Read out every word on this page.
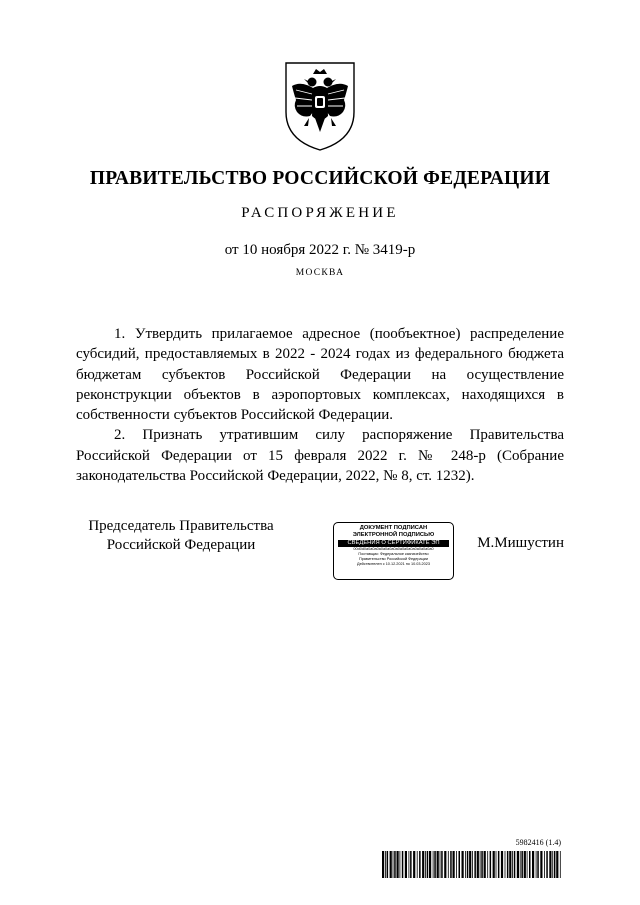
ПРАВИТЕЛЬСТВО РОССИЙСКОЙ ФЕДЕРАЦИИ
РАСПОРЯЖЕНИЕ
от 10 ноября 2022 г. № 3419-р
МОСКВА

1. Утвердить прилагаемое адресное (пообъектное) распределение субсидий, предоставляемых в 2022 - 2024 годах из федерального бюджета бюджетам субъектов Российской Федерации на осуществление реконструкции объектов в аэропортовых комплексах, находящихся в собственности субъектов Российской Федерации.

2. Признать утратившим силу распоряжение Правительства Российской Федерации от 15 февраля 2022 г. № 248-р (Собрание законодательства Российской Федерации, 2022, № 8, ст. 1232).

Председатель Правительства
Российской Федерации
ДОКУМЕНТ ПОДПИСАН
ЭЛЕКТРОННОЙ ПОДПИСЬЮ
СВЕДЕНИЯ О СЕРТИФИКАТЕ ЭП
00d0d0a0a0a0a0a0a0a0a0a0a0a0a0a0a0a0a0
Поставщик: Федеральное казначейство
Правительство Российской Федерации
Действителен с 10.12.2021 по 10.03.2023
М.Мишустин
5982416 (1.4)
